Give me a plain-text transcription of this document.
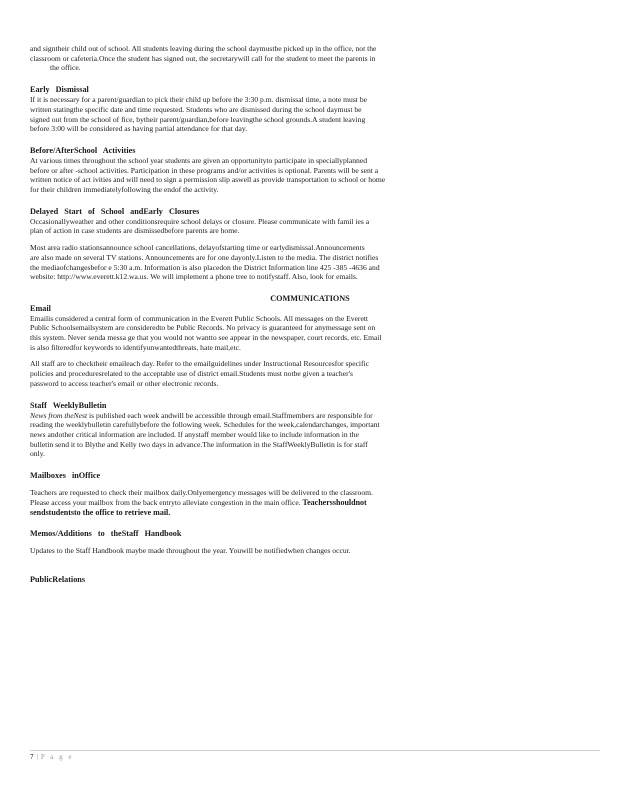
and signtheir child out of school. All students leaving during the school daymustbe picked up in the office, not the

classroom or cafeteria.Once the student has signed out, the secretarywill call for the student to meet the parents in

the office.

Early Dismissal

If it is necessary for a parent/guardian to pick their child up before the 3:30 p.m. dismissal time, a note must be

written statingthe specific date and time requested. Students who are dismissed during the school daymust be

signed out from the school of fice, bytheir parent/guardian,before leavingthe school grounds.A student leaving

before 3:00 will be considered as having partial attendance for that day.

Before/AfterSchool Activities

At various times throughout the school year students are given an opportunityto participate in speciallyplanned

before or after -school activities. Participation in these programs and/or activities is optional. Parents will be sent a

written notice of act ivities and will need to sign a permission slip aswell as provide transportation to school or home

for their children immediatelyfollowing the endof the activity.

Delayed Start of School andEarly Closures

Occasionallyweather and other conditionsrequire school delays or closure. Please communicate with famil ies a

plan of action in case students are dismissedbefore parents are home.

Most area radio stationsannounce school cancellations, delayofstarting time or earlydismissal.Announcements

are also made on several TV stations. Announcements are for one dayonly.Listen to the media. The district notifies

the mediaofchangesbefor e 5:30 a.m. Information is also placedon the District Information line 425 -385 -4636 and

website: http://www.everett.k12.wa.us. We will implement a phone tree to notifystaff. Also, look for emails.

COMMUNICATIONS

Email

Emailis considered a central form of communication in the Everett Public Schools. All messages on the Everett

Public Schoolsemailsystem are consideredto be Public Records. No privacy is guaranteed for anymessage sent on

this system. Never senda messa ge that you would not wantto see appear in the newspaper, court records, etc. Email

is also filteredfor keywords to identifyunwantedthreats, hate mail,etc.

All staff are to checktheir emaileach day. Refer to the emailguidelines under Instructional Resourcesfor specific

policies and proceduresrelated to the acceptable use of district email.Students must notbe given a teacher's

password to access teacher's email or other electronic records.

Staff WeeklyBulletin

News from theNest is published each week andwill be accessible through email.Staffmembers are responsible for

reading the weeklybulletin carefullybefore the following week. Schedules for the week,calendarchanges, important

news andother critical information are included. If anystaff member would like to include information in the

bulletin send it to Blythe and Kelly two days in advance.The information in the StaffWeeklyBulletin is for staff

only.

Mailboxes inOffice

Teachers are requested to check their mailbox daily.Onlyemergency messages will be delivered to the classroom.

Please access your mailbox from the back entryto alleviate congestion in the main office. Teachersshouldnot

sendstudentsto the office to retrieve mail.

Memos/Additions to theStaff Handbook

Updates to the Staff Handbook maybe made throughout the year. Youwill be notifiedwhen changes occur.

PublicRelations
7 | P a g e
